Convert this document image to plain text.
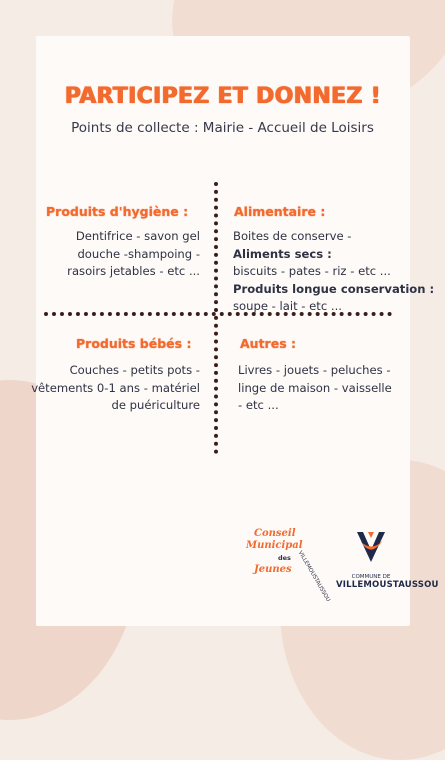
PARTICIPEZ ET DONNEZ !
Points de collecte : Mairie - Accueil de Loisirs
Produits d'hygiène :
Dentifrice - savon gel
douche -shampoing -
rasoirs jetables - etc ...
Alimentaire :
Boites de conserve -
Aliments secs :
biscuits - pates - riz - etc ...
Produits longue conservation :
soupe - lait - etc ...
Produits bébés :
Couches - petits pots -
vêtements 0-1 ans - matériel
de puériculture
Autres :
Livres - jouets - peluches -
linge de maison - vaisselle
- etc ...
Conseil
Municipal
des
Jeunes VILLEMOUSTAUSSOU	COMMUNE DE
VILLEMOUSTAUSSOU
